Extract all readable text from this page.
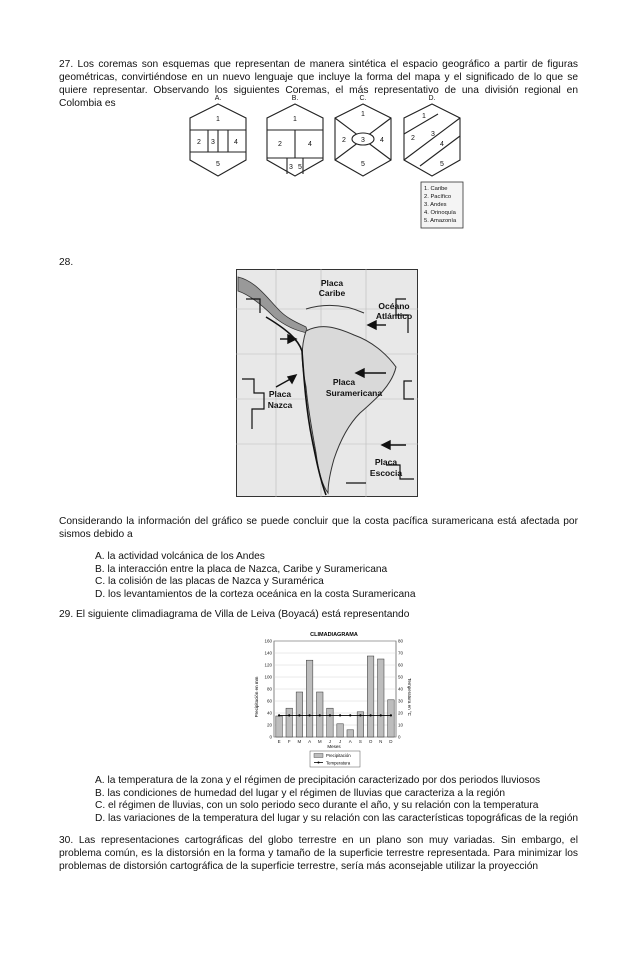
27. Los coremas son esquemas que representan de manera sintética el espacio geográfico a partir de figuras geométricas, convirtiéndose en un nuevo lenguaje que incluye la forma del mapa y el significado de lo que se quiere representar. Observando los siguientes Coremas, el más representativo de una división regional en Colombia es	A.	B.	C.	D.
1
2 3	4
5
1
2	4
3 5
1
2 3 4
5
1
2
3
4
5
1. Caribe
2. Pacífico
3. Andes
4. Orinoquía
5. Amazonía
28.
Placa
Caribe
Océano
Atlántico
Placa
Suramericana
Placa
Nazca
Placa
Escocia
Considerando la información del gráfico se puede concluir que la costa pacífica suramericana está afectada por sismos debido a
A. la actividad volcánica de los Andes
B. la interacción entre la placa de Nazca, Caribe y Suramericana
C. la colisión de las placas de Nazca y Suramérica
D. los levantamientos de la corteza oceánica en la costa Suramericana
29. El siguiente climadiagrama de Villa de Leiva (Boyacá) está representando
CLIMADIAGRAMA
0
20
40
60
80
100
120
140
160
0
10
20
30
40
50
60
70
80
E F M A M J J A S O N D
Precipitación en mm	Temperatura en °C
Meses
Precipitación
Temperatura
A. la temperatura de la zona y el régimen de precipitación caracterizado por dos periodos lluviosos
B. las condiciones de humedad del lugar y el régimen de lluvias que caracteriza a la región
C. el régimen de lluvias, con un solo periodo seco durante el año, y su relación con la temperatura
D. las variaciones de la temperatura del lugar y su relación con las características topográficas de la región
30. Las representaciones cartográficas del globo terrestre en un plano son muy variadas. Sin embargo, el problema común, es la distorsión en la forma y tamaño de la superficie terrestre representada. Para minimizar los problemas de distorsión cartográfica de la superficie terrestre, sería más aconsejable utilizar la proyección
